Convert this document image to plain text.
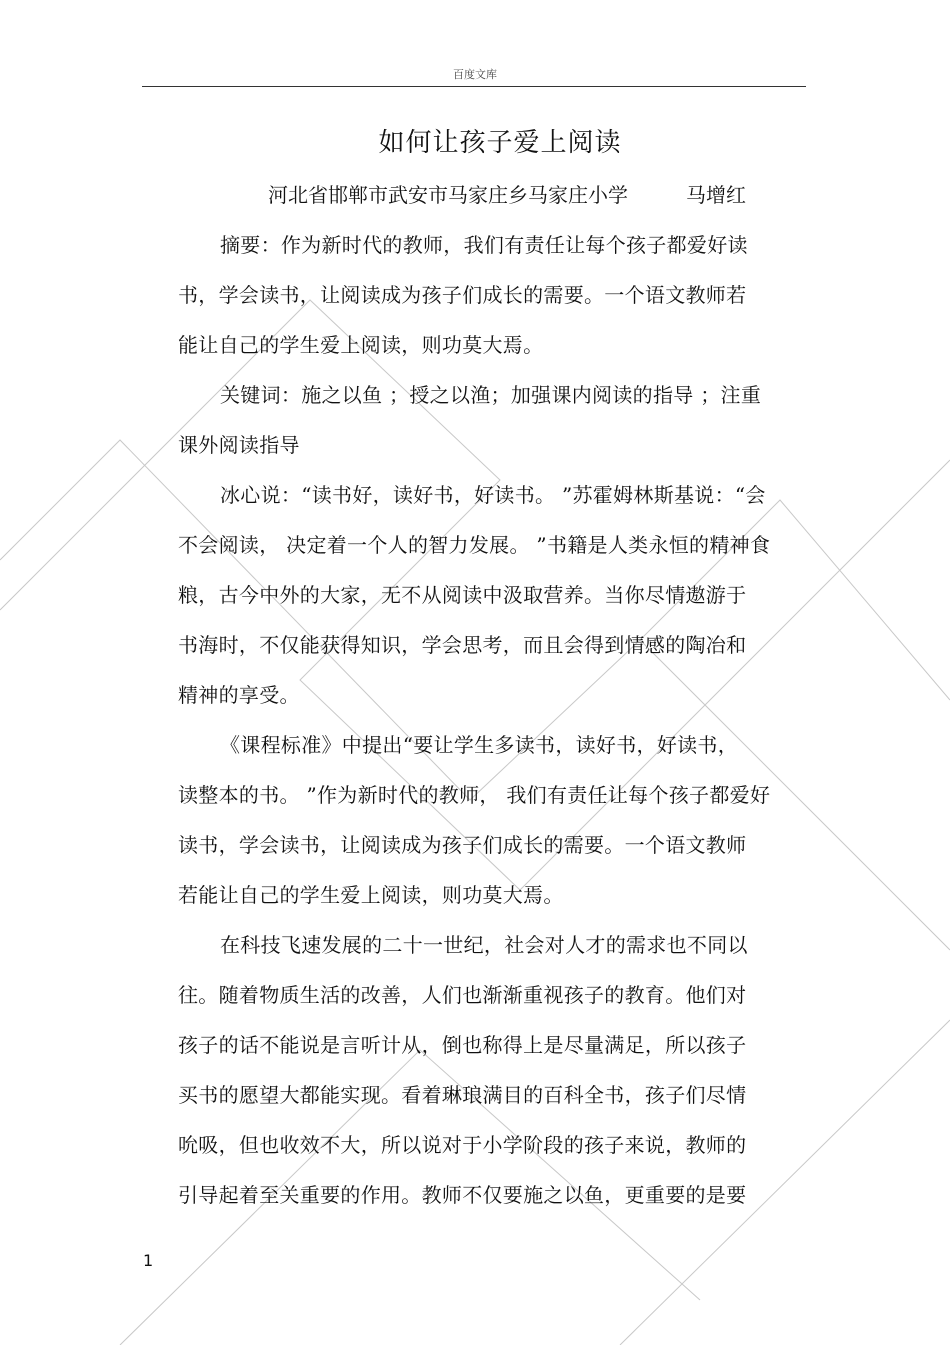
百度文库
如何让孩子爱上阅读
河北省邯郸市武安市马家庄乡马家庄小学	马增红
摘要：作为新时代的教师，我们有责任让每个孩子都爱好读
书，学会读书，让阅读成为孩子们成长的需要。一个语文教师若
能让自己的学生爱上阅读，则功莫大焉。
关键词：施之以鱼 ；授之以渔；加强课内阅读的指导 ；注重
课外阅读指导
冰心说：“读书好，读好书，好读书。 ”苏霍姆林斯基说：“会
不会阅读， 决定着一个人的智力发展。 ”书籍是人类永恒的精神食
粮，古今中外的大家，无不从阅读中汲取营养。当你尽情遨游于
书海时，不仅能获得知识，学会思考，而且会得到情感的陶冶和
精神的享受。
《课程标准》中提出“要让学生多读书，读好书，好读书，
读整本的书。 ”作为新时代的教师， 我们有责任让每个孩子都爱好
读书，学会读书，让阅读成为孩子们成长的需要。一个语文教师
若能让自己的学生爱上阅读，则功莫大焉。
在科技飞速发展的二十一世纪，社会对人才的需求也不同以
往。随着物质生活的改善，人们也渐渐重视孩子的教育。他们对
孩子的话不能说是言听计从，倒也称得上是尽量满足，所以孩子
买书的愿望大都能实现。看着琳琅满目的百科全书，孩子们尽情
吮吸，但也收效不大，所以说对于小学阶段的孩子来说，教师的
引导起着至关重要的作用。教师不仅要施之以鱼，更重要的是要
1
